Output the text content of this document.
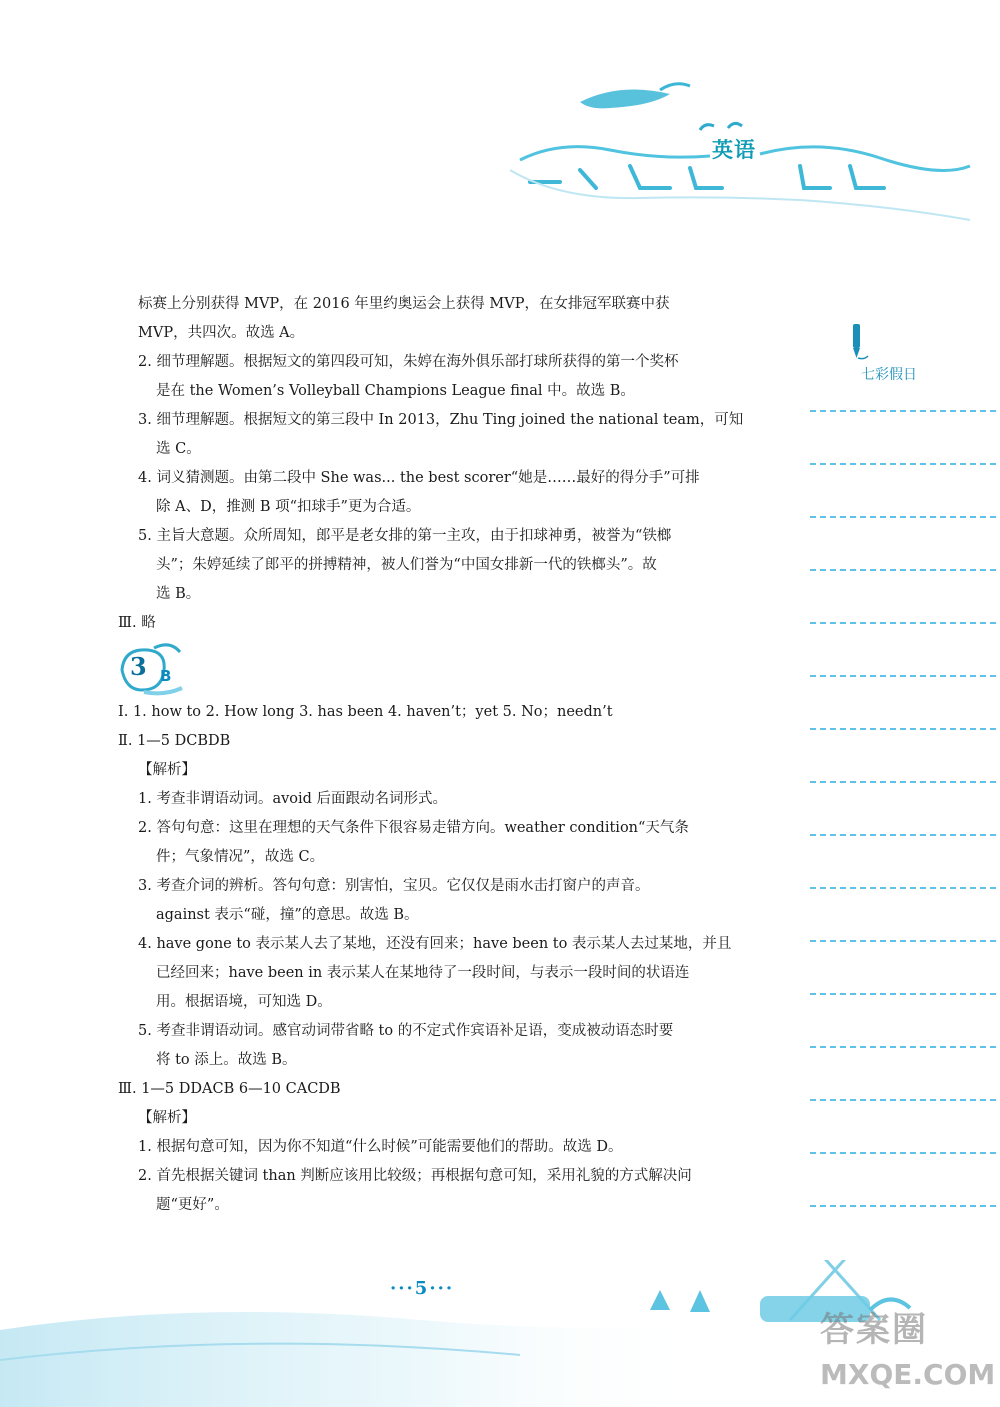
英语
七彩假日

标赛上分别获得 MVP，在 2016 年里约奥运会上获得 MVP，在女排冠军联赛中获

MVP，共四次。故选 A。

2. 细节理解题。根据短文的第四段可知，朱婷在海外俱乐部打球所获得的第一个奖杯

是在 the Women’s Volleyball Champions League final 中。故选 B。

3. 细节理解题。根据短文的第三段中 In 2013，Zhu Ting joined the national team，可知

选 C。

4. 词义猜测题。由第二段中 She was... the best scorer“她是……最好的得分手”可排

除 A、D，推测 B 项“扣球手”更为合适。

5. 主旨大意题。众所周知，郎平是老女排的第一主攻，由于扣球神勇，被誉为“铁榔

头”；朱婷延续了郎平的拼搏精神，被人们誉为“中国女排新一代的铁榔头”。故

选 B。

Ⅲ. 略

3 B

Ⅰ. 1. how to 2. How long 3. has been 4. haven’t；yet 5. No；needn’t

Ⅱ. 1—5 DCBDB

【解析】

1. 考查非谓语动词。avoid 后面跟动名词形式。

2. 答句句意：这里在理想的天气条件下很容易走错方向。weather condition“天气条

件；气象情况”，故选 C。

3. 考查介词的辨析。答句句意：别害怕，宝贝。它仅仅是雨水击打窗户的声音。

against 表示“碰，撞”的意思。故选 B。

4. have gone to 表示某人去了某地，还没有回来；have been to 表示某人去过某地，并且

已经回来；have been in 表示某人在某地待了一段时间，与表示一段时间的状语连

用。根据语境，可知选 D。

5. 考查非谓语动词。感官动词带省略 to 的不定式作宾语补足语，变成被动语态时要

将 to 添上。故选 B。

Ⅲ. 1—5 DDACB 6—10 CACDB

【解析】

1. 根据句意可知，因为你不知道“什么时候”可能需要他们的帮助。故选 D。

2. 首先根据关键词 than 判断应该用比较级；再根据句意可知，采用礼貌的方式解决问

题“更好”。

···5···
答案圈
MXQE.COM
